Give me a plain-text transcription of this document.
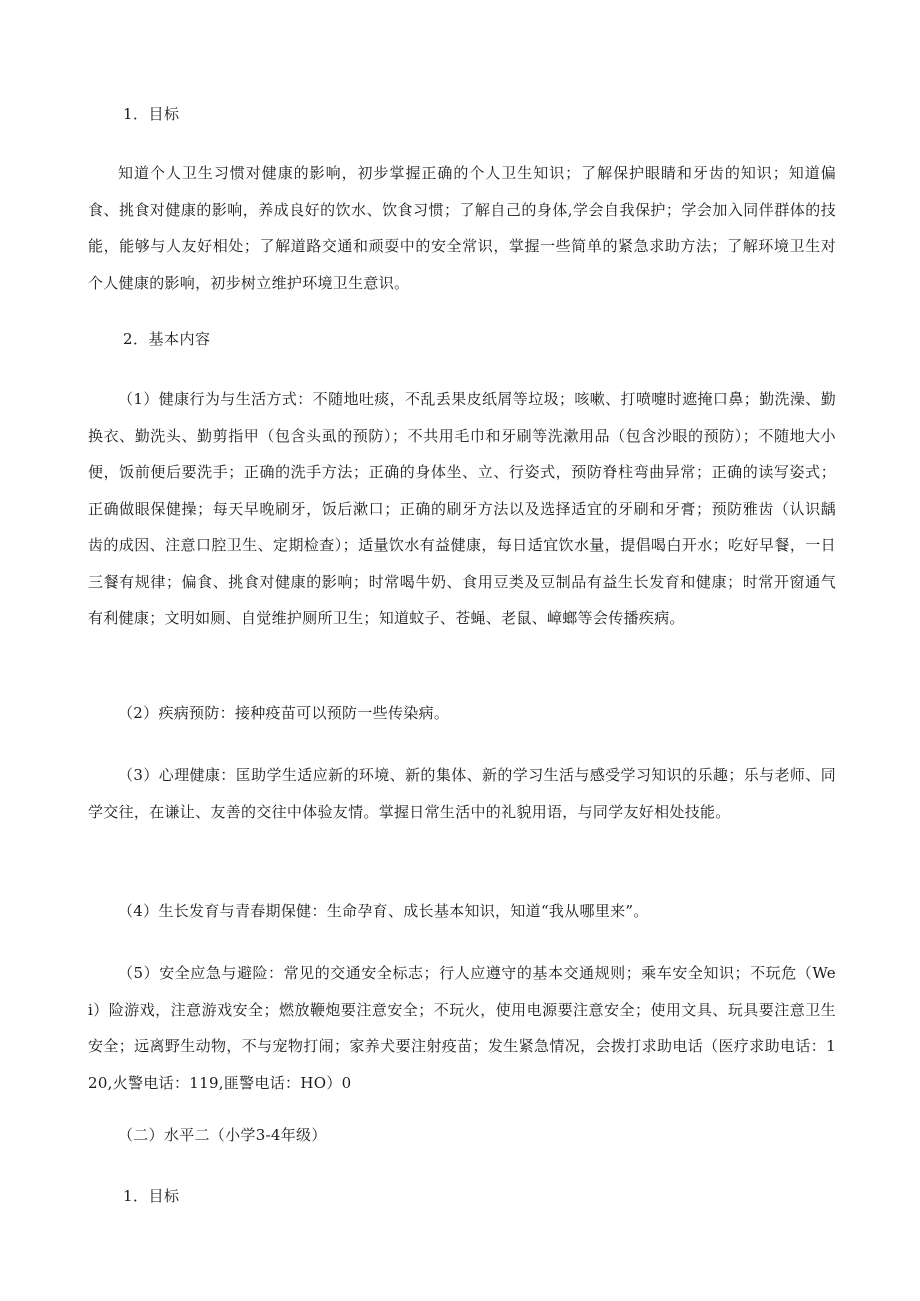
1．目标
知道个人卫生习惯对健康的影响，初步掌握正确的个人卫生知识；了解保护眼睛和牙齿的知识；知道偏食、挑食对健康的影响，养成良好的饮水、饮食习惯；了解自己的身体,学会自我保护；学会加入同伴群体的技能，能够与人友好相处；了解道路交通和顽耍中的安全常识，掌握一些简单的紧急求助方法；了解环境卫生对个人健康的影响，初步树立维护环境卫生意识。
2．基本内容
（1）健康行为与生活方式：不随地吐痰，不乱丢果皮纸屑等垃圾；咳嗽、打喷嚏时遮掩口鼻；勤洗澡、勤换衣、勤洗头、勤剪指甲（包含头虱的预防）；不共用毛巾和牙刷等洗漱用品（包含沙眼的预防）；不随地大小便，饭前便后要洗手；正确的洗手方法；正确的身体坐、立、行姿式，预防脊柱弯曲异常；正确的读写姿式；正确做眼保健操；每天早晚刷牙，饭后漱口；正确的刷牙方法以及选择适宜的牙刷和牙膏；预防雅齿（认识龋齿的成因、注意口腔卫生、定期检查）；适量饮水有益健康，每日适宜饮水量，提倡喝白开水；吃好早餐，一日三餐有规律；偏食、挑食对健康的影响；时常喝牛奶、食用豆类及豆制品有益生长发育和健康；时常开窗通气有利健康；文明如厕、自觉维护厕所卫生；知道蚊子、苍蝇、老鼠、嶂螂等会传播疾病。
（2）疾病预防：接种疫苗可以预防一些传染病。
（3）心理健康：匡助学生适应新的环境、新的集体、新的学习生活与感受学习知识的乐趣；乐与老师、同学交往，在谦让、友善的交往中体验友情。掌握日常生活中的礼貌用语，与同学友好相处技能。
（4）生长发育与青春期保健：生命孕育、成长基本知识，知道“我从哪里来”。
（5）安全应急与避险：常见的交通安全标志；行人应遵守的基本交通规则；乘车安全知识；不玩危（Wei）险游戏，注意游戏安全；燃放鞭炮要注意安全；不玩火，使用电源要注意安全；使用文具、玩具要注意卫生安全；远离野生动物，不与宠物打闹；家养犬要注射疫苗；发生紧急情况，会拨打求助电话（医疗求助电话：120,火警电话：119,匪警电话：HO）0
（二）水平二（小学3-4年级）
1．目标
